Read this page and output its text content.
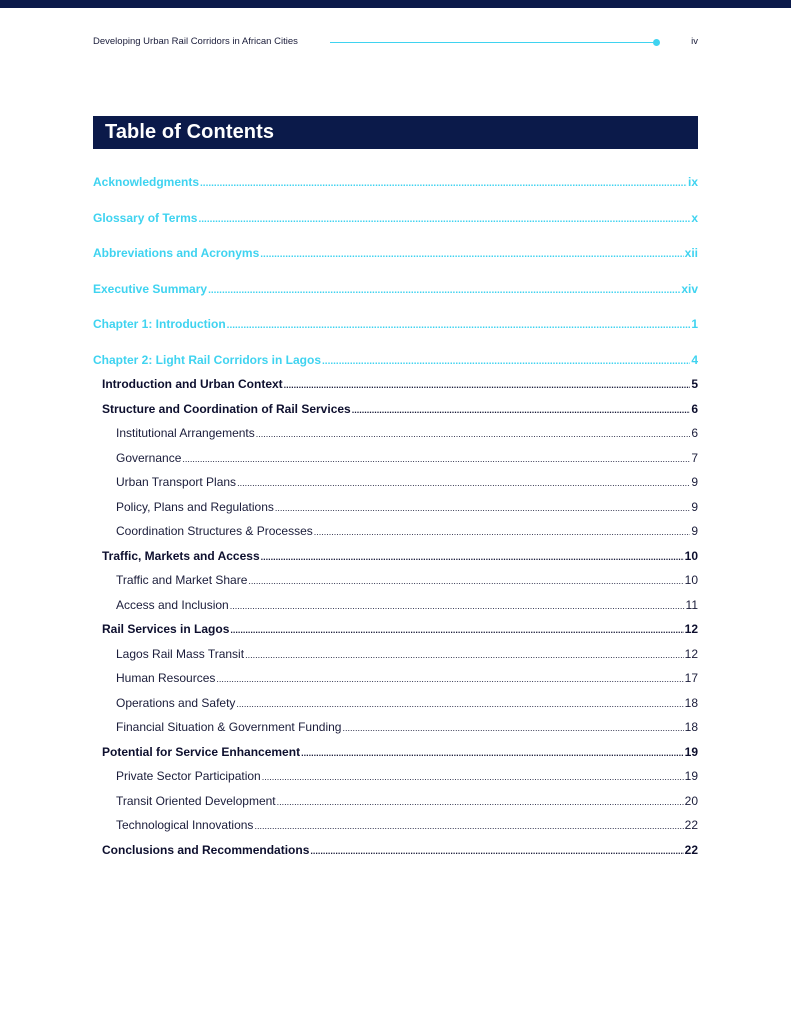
Developing Urban Rail Corridors in African Cities	iv
Table of Contents
Acknowledgments .....	ix
Glossary of Terms .....	x
Abbreviations and Acronyms .....	xii
Executive Summary .....	xiv
Chapter 1: Introduction .....	1
Chapter 2: Light Rail Corridors in Lagos .....	4
Introduction and Urban Context .....	5
Structure and Coordination of Rail Services .....	6
Institutional Arrangements .....	6
Governance .....	7
Urban Transport Plans .....	9
Policy, Plans and Regulations .....	9
Coordination Structures & Processes .....	9
Traffic, Markets and Access .....	10
Traffic and Market Share .....	10
Access and Inclusion .....	11
Rail Services in Lagos .....	12
Lagos Rail Mass Transit .....	12
Human Resources .....	17
Operations and Safety .....	18
Financial Situation & Government Funding .....	18
Potential for Service Enhancement .....	19
Private Sector Participation .....	19
Transit Oriented Development .....	20
Technological Innovations .....	22
Conclusions and Recommendations .....	22
